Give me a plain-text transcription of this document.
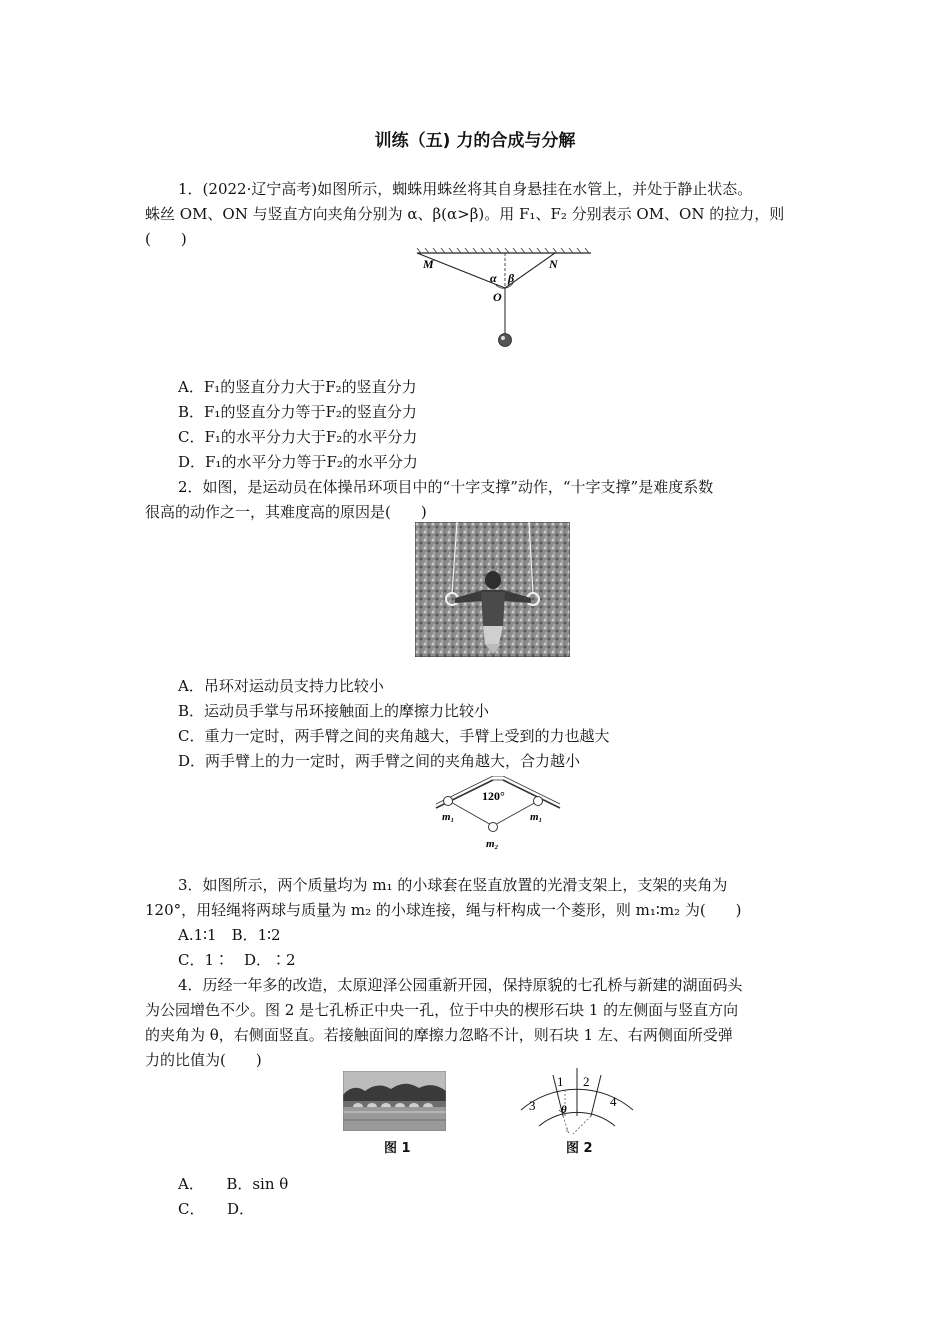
训练（五) 力的合成与分解
1．(2022·辽宁高考)如图所示，蜘蛛用蛛丝将其自身悬挂在水管上，并处于静止状态。
蛛丝 OM、ON 与竖直方向夹角分别为 α、β(α>β)。用 F₁、F₂ 分别表示 OM、ON 的拉力，则
(　　)
M	N
α β
O
A．F₁的竖直分力大于F₂的竖直分力
B．F₁的竖直分力等于F₂的竖直分力
C．F₁的水平分力大于F₂的水平分力
D．F₁的水平分力等于F₂的水平分力
2．如图，是运动员在体操吊环项目中的“十字支撑”动作，“十字支撑”是难度系数
很高的动作之一，其难度高的原因是(　　)
A．吊环对运动员支持力比较小
B．运动员手掌与吊环接触面上的摩擦力比较小
C．重力一定时，两手臂之间的夹角越大，手臂上受到的力也越大
D．两手臂上的力一定时，两手臂之间的夹角越大，合力越小
120°
m₁	m₁
m₂
3．如图所示，两个质量均为 m₁ 的小球套在竖直放置的光滑支架上，支架的夹角为
120°，用轻绳将两球与质量为 m₂ 的小球连接，绳与杆构成一个菱形，则 m₁∶m₂ 为(　　)
A.1∶1　B．1∶2
C．1∶　D．∶2
4．历经一年多的改造，太原迎泽公园重新开园，保持原貌的七孔桥与新建的湖面码头
为公园增色不少。图 2 是七孔桥正中央一孔，位于中央的楔形石块 1 的左侧面与竖直方向
的夹角为 θ，右侧面竖直。若接触面间的摩擦力忽略不计，则石块 1 左、右两侧面所受弹
力的比值为(　　)
图 1
1 2
3	4
θ
图 2
A．　　B．sin θ
C．　　D．
